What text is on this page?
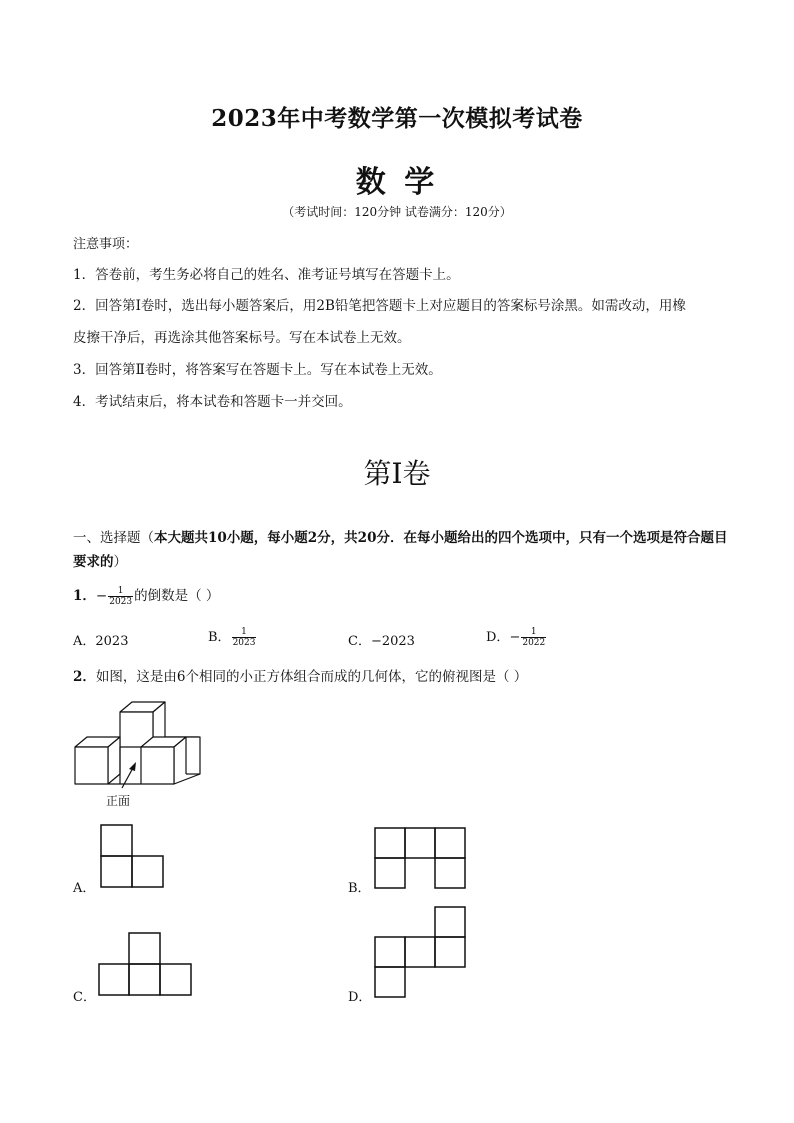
2023年中考数学第一次模拟考试卷
数 学
（考试时间：120分钟 试卷满分：120分）
注意事项：
1．答卷前，考生务必将自己的姓名、准考证号填写在答题卡上。
2．回答第Ⅰ卷时，选出每小题答案后，用2B铅笔把答题卡上对应题目的答案标号涂黑。如需改动，用橡
皮擦干净后，再选涂其他答案标号。写在本试卷上无效。
3．回答第Ⅱ卷时，将答案写在答题卡上。写在本试卷上无效。
4．考试结束后，将本试卷和答题卡一并交回。
第Ⅰ卷
一、选择题（本大题共10小题，每小题2分，共20分．在每小题给出的四个选项中，只有一个选项是符合题目要求的）
1．− $\frac{1}{2023}$ 的倒数是（ ）
A．2023	B． $\frac{1}{2023}$	C．−2023	D．− $\frac{1}{2022}$
2．如图，这是由6个相同的小正方体组合而成的几何体，它的俯视图是（ ）
正面
A．	B．
C．	D．
